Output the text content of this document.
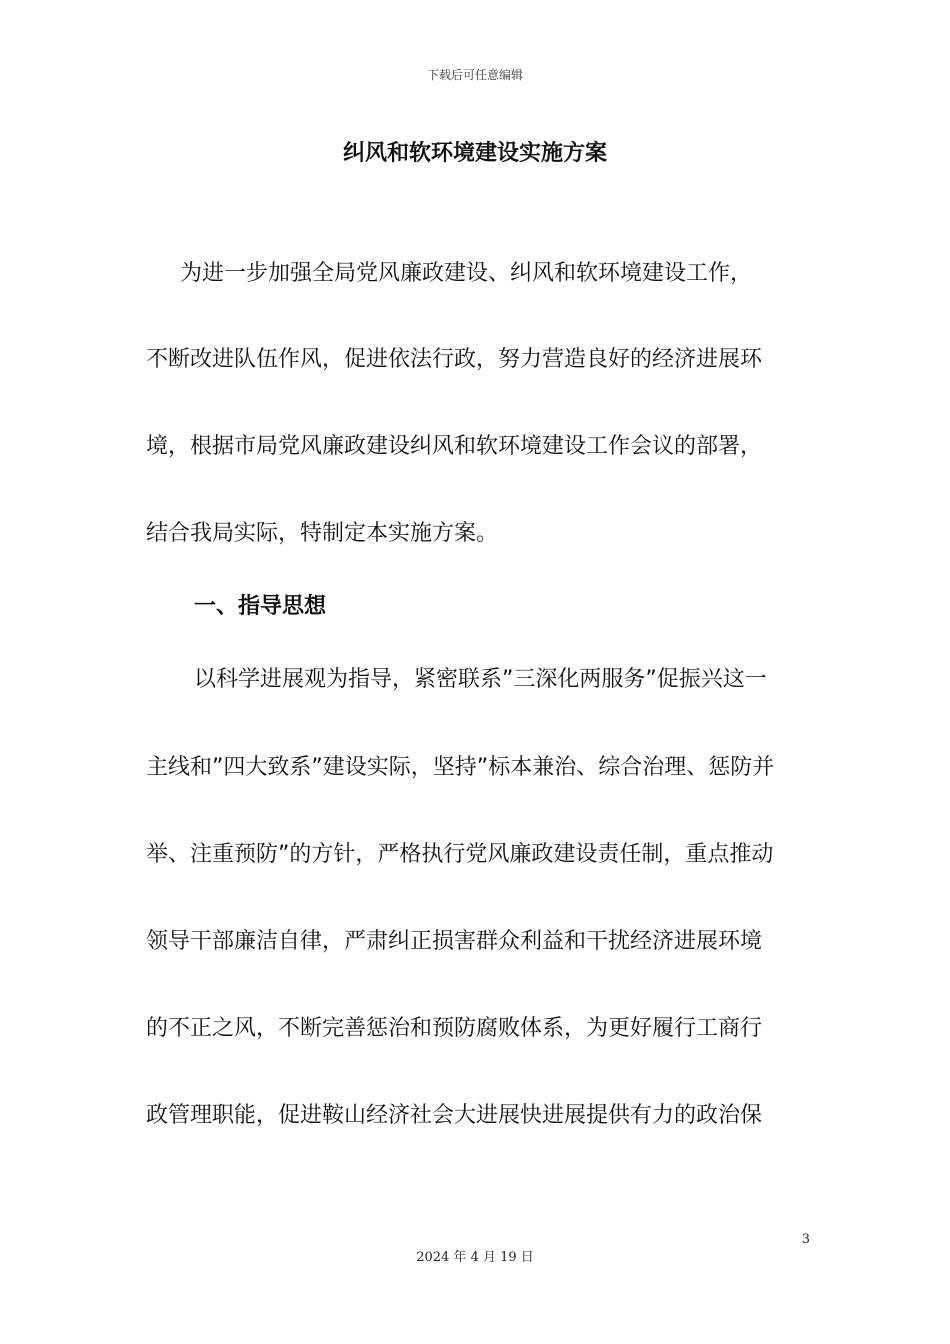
下载后可任意编辑
纠风和软环境建设实施方案
为进一步加强全局党风廉政建设、纠风和软环境建设工作，
不断改进队伍作风，促进依法行政，努力营造良好的经济进展环
境，根据市局党风廉政建设纠风和软环境建设工作会议的部署，
结合我局实际，特制定本实施方案。
一、指导思想
以科学进展观为指导，紧密联系”三深化两服务”促振兴这一
主线和”四大致系”建设实际，坚持”标本兼治、综合治理、惩防并
举、注重预防”的方针，严格执行党风廉政建设责任制，重点推动
领导干部廉洁自律，严肃纠正损害群众利益和干扰经济进展环境
的不正之风，不断完善惩治和预防腐败体系，为更好履行工商行
政管理职能，促进鞍山经济社会大进展快进展提供有力的政治保
3
2024 年 4 月 19 日
